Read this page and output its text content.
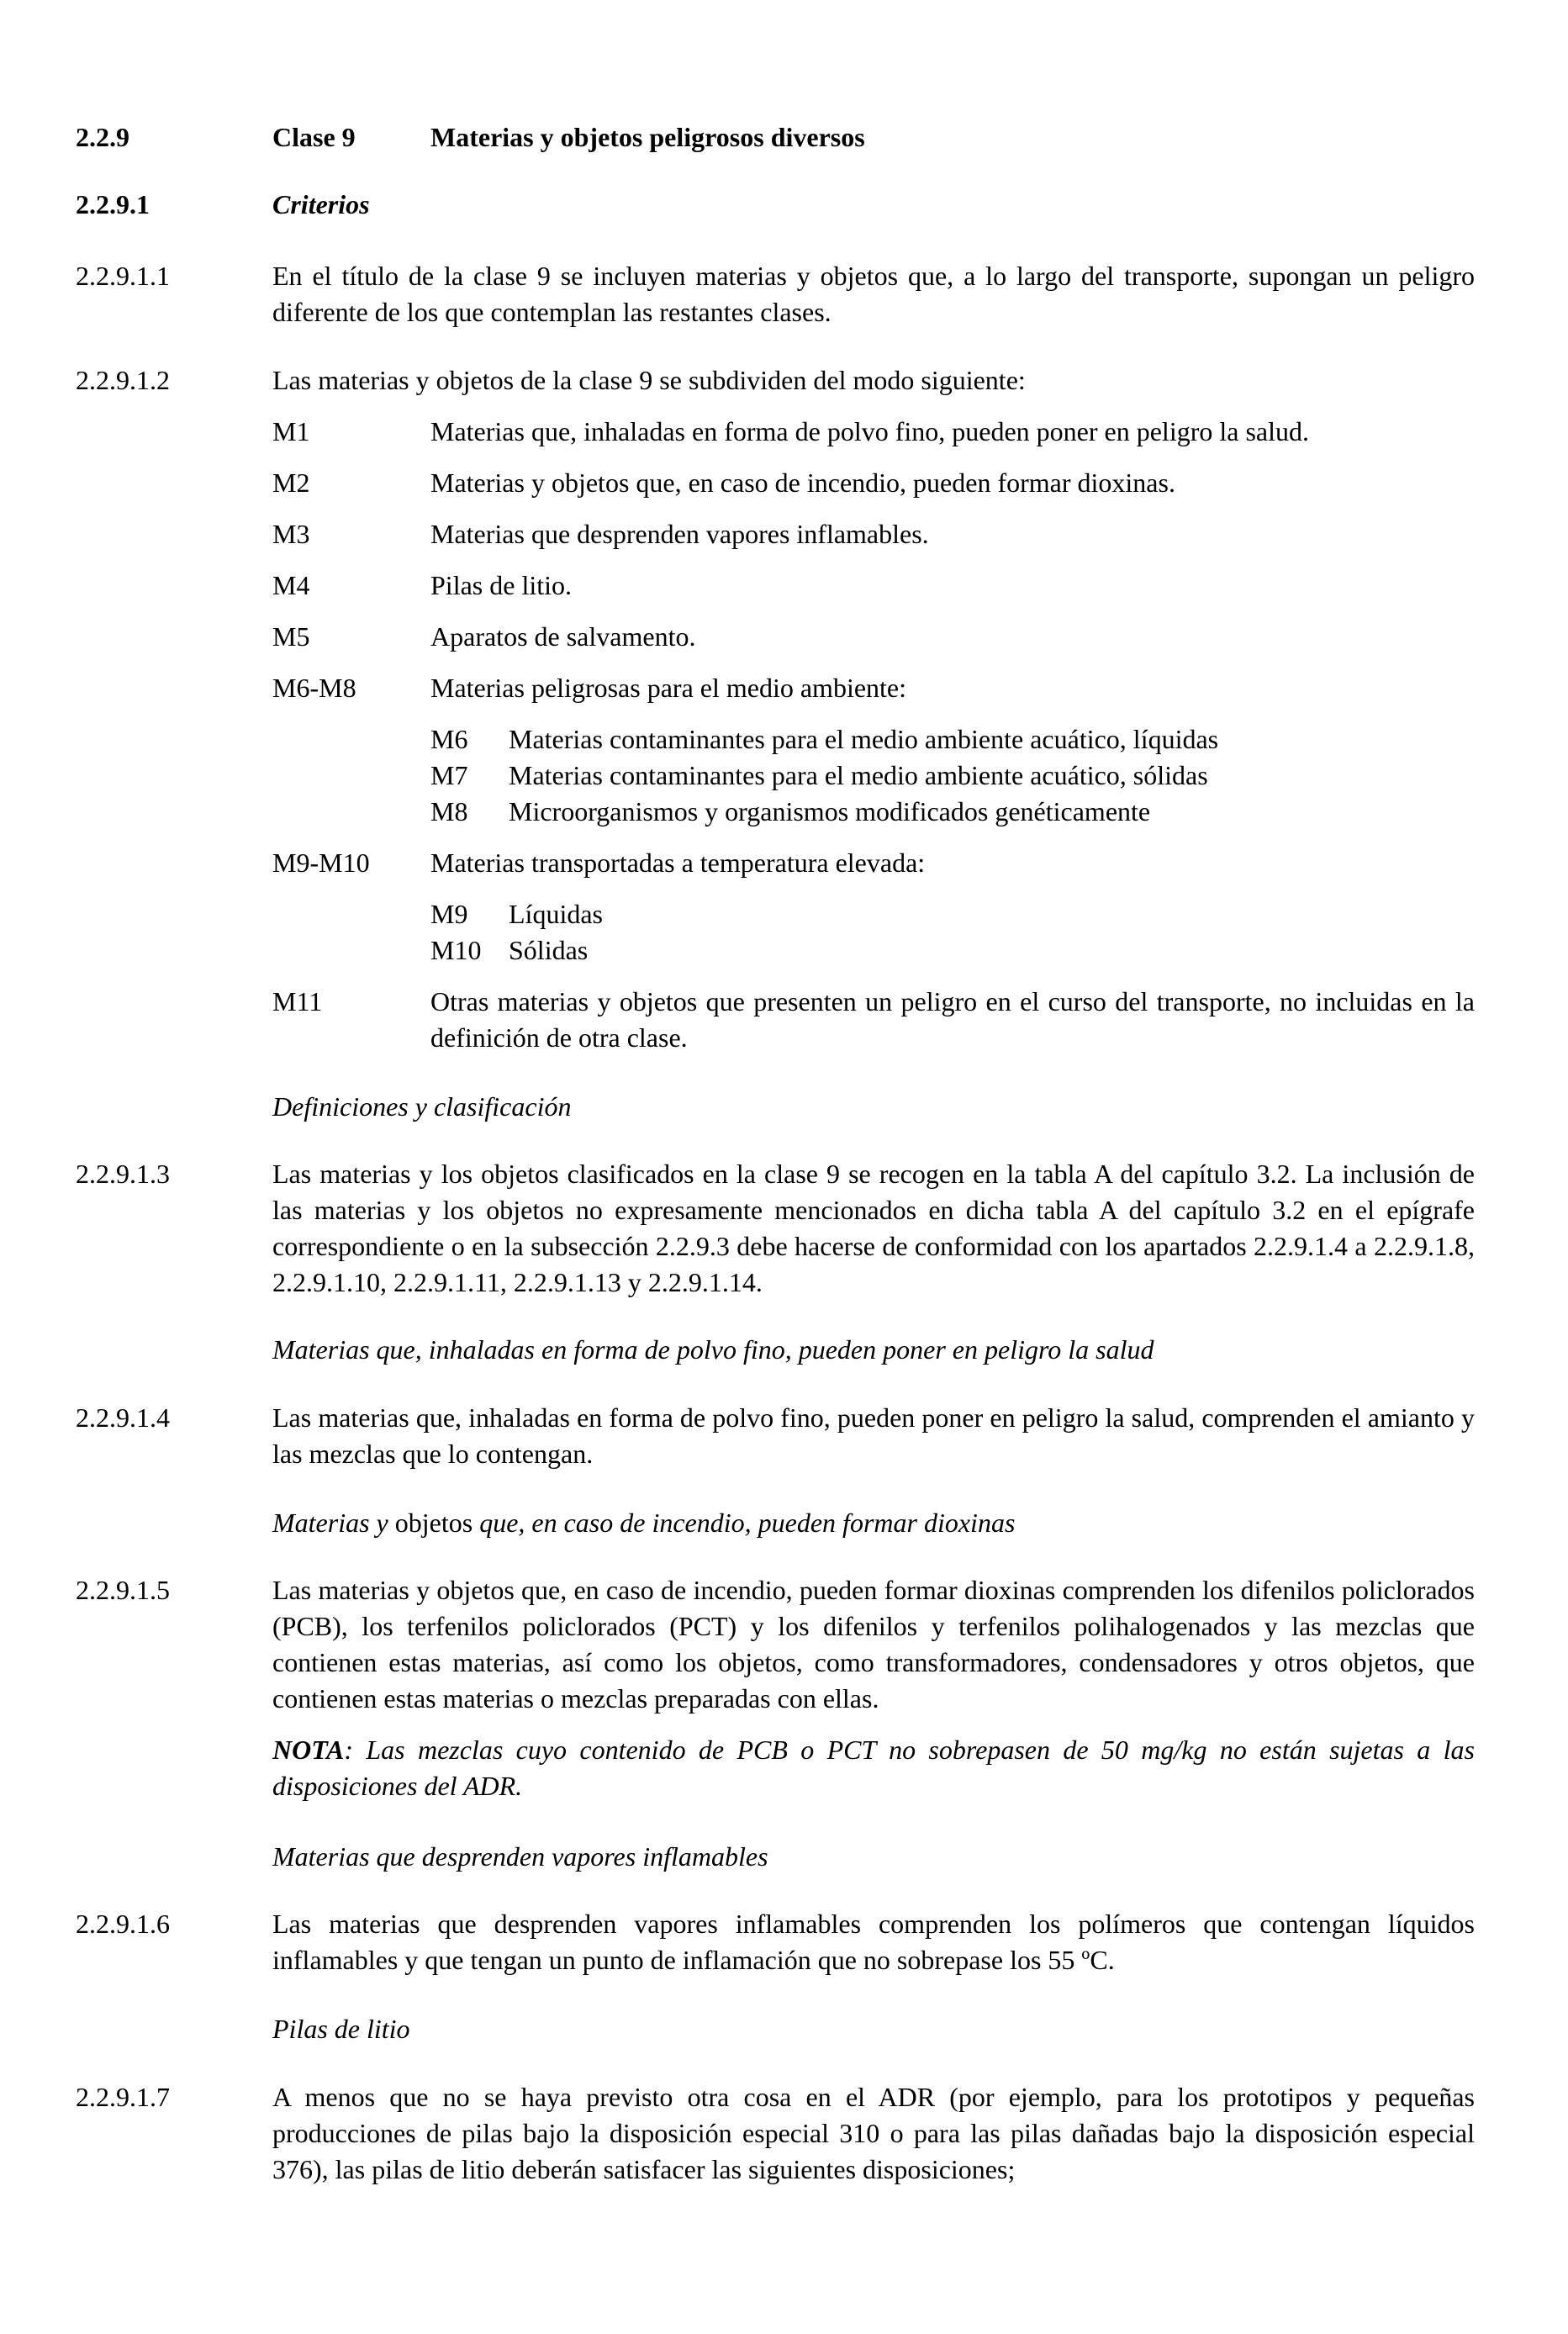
2.2.9	Clase 9	Materias y objetos peligrosos diversos
2.2.9.1	Criterios
2.2.9.1.1	En el título de la clase 9 se incluyen materias y objetos que, a lo largo del transporte, supongan un peligro diferente de los que contemplan las restantes clases.
2.2.9.1.2	Las materias y objetos de la clase 9 se subdividen del modo siguiente:
M1	Materias que, inhaladas en forma de polvo fino, pueden poner en peligro la salud.
M2	Materias y objetos que, en caso de incendio, pueden formar dioxinas.
M3	Materias que desprenden vapores inflamables.
M4	Pilas de litio.
M5	Aparatos de salvamento.
M6-M8	Materias peligrosas para el medio ambiente:
M6 Materias contaminantes para el medio ambiente acuático, líquidas
M7 Materias contaminantes para el medio ambiente acuático, sólidas
M8 Microorganismos y organismos modificados genéticamente
M9-M10 Materias transportadas a temperatura elevada:
M9 Líquidas
M10 Sólidas
M11	Otras materias y objetos que presenten un peligro en el curso del transporte, no incluidas en la definición de otra clase.
Definiciones y clasificación
2.2.9.1.3	Las materias y los objetos clasificados en la clase 9 se recogen en la tabla A del capítulo 3.2. La inclusión de las materias y los objetos no expresamente mencionados en dicha tabla A del capítulo 3.2 en el epígrafe correspondiente o en la subsección 2.2.9.3 debe hacerse de conformidad con los apartados 2.2.9.1.4 a 2.2.9.1.8, 2.2.9.1.10, 2.2.9.1.11, 2.2.9.1.13 y 2.2.9.1.14.
Materias que, inhaladas en forma de polvo fino, pueden poner en peligro la salud
2.2.9.1.4	Las materias que, inhaladas en forma de polvo fino, pueden poner en peligro la salud, comprenden el amianto y las mezclas que lo contengan.
Materias y objetos que, en caso de incendio, pueden formar dioxinas
2.2.9.1.5	Las materias y objetos que, en caso de incendio, pueden formar dioxinas comprenden los difenilos policlorados (PCB), los terfenilos policlorados (PCT) y los difenilos y terfenilos polihalogenados y las mezclas que contienen estas materias, así como los objetos, como transformadores, condensadores y otros objetos, que contienen estas materias o mezclas preparadas con ellas.
NOTA: Las mezclas cuyo contenido de PCB o PCT no sobrepasen de 50 mg/kg no están sujetas a las disposiciones del ADR.
Materias que desprenden vapores inflamables
2.2.9.1.6	Las materias que desprenden vapores inflamables comprenden los polímeros que contengan líquidos inflamables y que tengan un punto de inflamación que no sobrepase los 55 ºC.
Pilas de litio
2.2.9.1.7	A menos que no se haya previsto otra cosa en el ADR (por ejemplo, para los prototipos y pequeñas producciones de pilas bajo la disposición especial 310 o para las pilas dañadas bajo la disposición especial 376), las pilas de litio deberán satisfacer las siguientes disposiciones;
